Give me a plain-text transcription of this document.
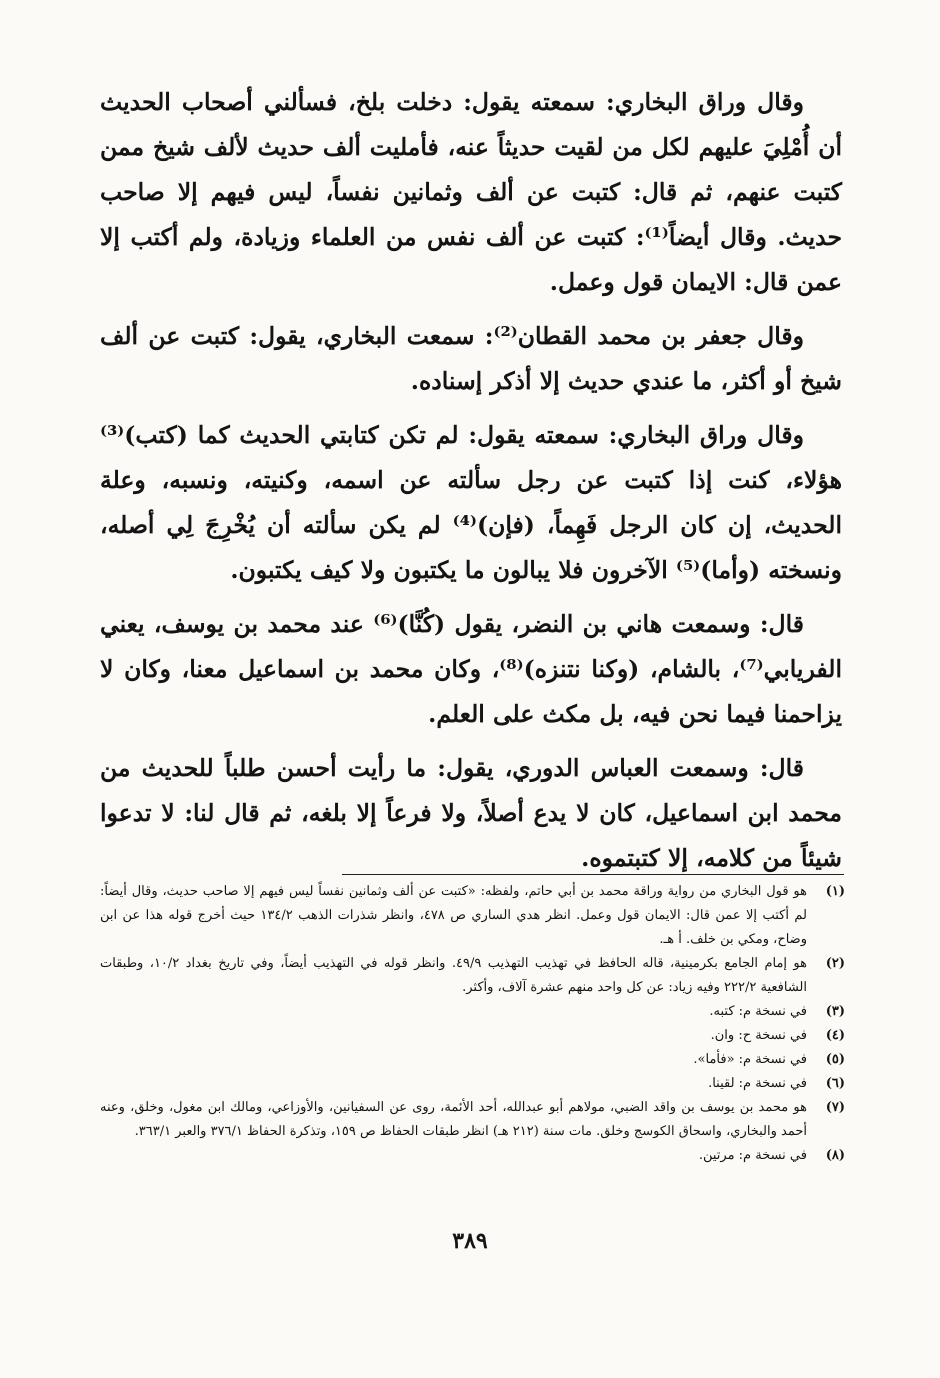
وقال وراق البخاري: سمعته يقول: دخلت بلخ، فسألني أصحاب الحديث أن أُمْلِيَ عليهم لكل من لقيت حديثاً عنه، فأمليت ألف حديث لألف شيخ ممن كتبت عنهم، ثم قال: كتبت عن ألف وثمانين نفساً، ليس فيهم إلا صاحب حديث. وقال أيضاً⁽¹⁾: كتبت عن ألف نفس من العلماء وزيادة، ولم أكتب إلا عمن قال: الايمان قول وعمل.

وقال جعفر بن محمد القطان⁽²⁾: سمعت البخاري، يقول: كتبت عن ألف شيخ أو أكثر، ما عندي حديث إلا أذكر إسناده.

وقال وراق البخاري: سمعته يقول: لم تكن كتابتي الحديث كما (كتب)⁽³⁾ هؤلاء، كنت إذا كتبت عن رجل سألته عن اسمه، وكنيته، ونسبه، وعلة الحديث، إن كان الرجل فَهِماً، (فإن)⁽⁴⁾ لم يكن سألته أن يُخْرِجَ لِي أصله، ونسخته (وأما)⁽⁵⁾ الآخرون فلا يبالون ما يكتبون ولا كيف يكتبون.

قال: وسمعت هاني بن النضر، يقول (كُنَّا)⁽⁶⁾ عند محمد بن يوسف، يعني الفريابي⁽⁷⁾، بالشام، (وكنا نتنزه)⁽⁸⁾، وكان محمد بن اسماعيل معنا، وكان لا يزاحمنا فيما نحن فيه، بل مكث على العلم.

قال: وسمعت العباس الدوري، يقول: ما رأيت أحسن طلباً للحديث من محمد ابن اسماعيل، كان لا يدع أصلاً، ولا فرعاً إلا بلغه، ثم قال لنا: لا تدعوا شيئاً من كلامه، إلا كتبتموه.

(١)
هو قول البخاري من رواية وراقة محمد بن أبي حاتم، ولفظه: «كتبت عن ألف وثمانين نفساً ليس فيهم إلا صاحب حديث، وقال أيضاً: لم أكتب إلا عمن قال: الايمان قول وعمل. انظر هدي الساري ص ٤٧٨، وانظر شذرات الذهب ١٣٤/٢ حيث أخرج قوله هذا عن ابن وضاح، ومكي بن خلف. أ هـ.
(٢)
هو إمام الجامع بكرمينية، قاله الحافظ في تهذيب التهذيب ٤٩/٩. وانظر قوله في التهذيب أيضاً، وفي تاريخ بغداد ١٠/٢، وطبقات الشافعية ٢٢٢/٢ وفيه زياد: عن كل واحد منهم عشرة آلاف، وأكثر.
(٣)
في نسخة م: كتبه.
(٤)
في نسخة ح: وان.
(٥)
في نسخة م: «فأما».
(٦)
في نسخة م: لقينا.
(٧)
هو محمد بن يوسف بن واقد الضبي، مولاهم أبو عبدالله، أحد الأئمة، روى عن السفيانين، والأوزاعي، ومالك ابن مغول، وخلق، وعنه أحمد والبخاري، واسحاق الكوسج وخلق. مات سنة (٢١٢ هـ) انظر طبقات الحفاظ ص ١٥٩، وتذكرة الحفاظ ٣٧٦/١ والعبر ٣٦٣/١.
(٨)
في نسخة م: مرتين.
٣٨٩
